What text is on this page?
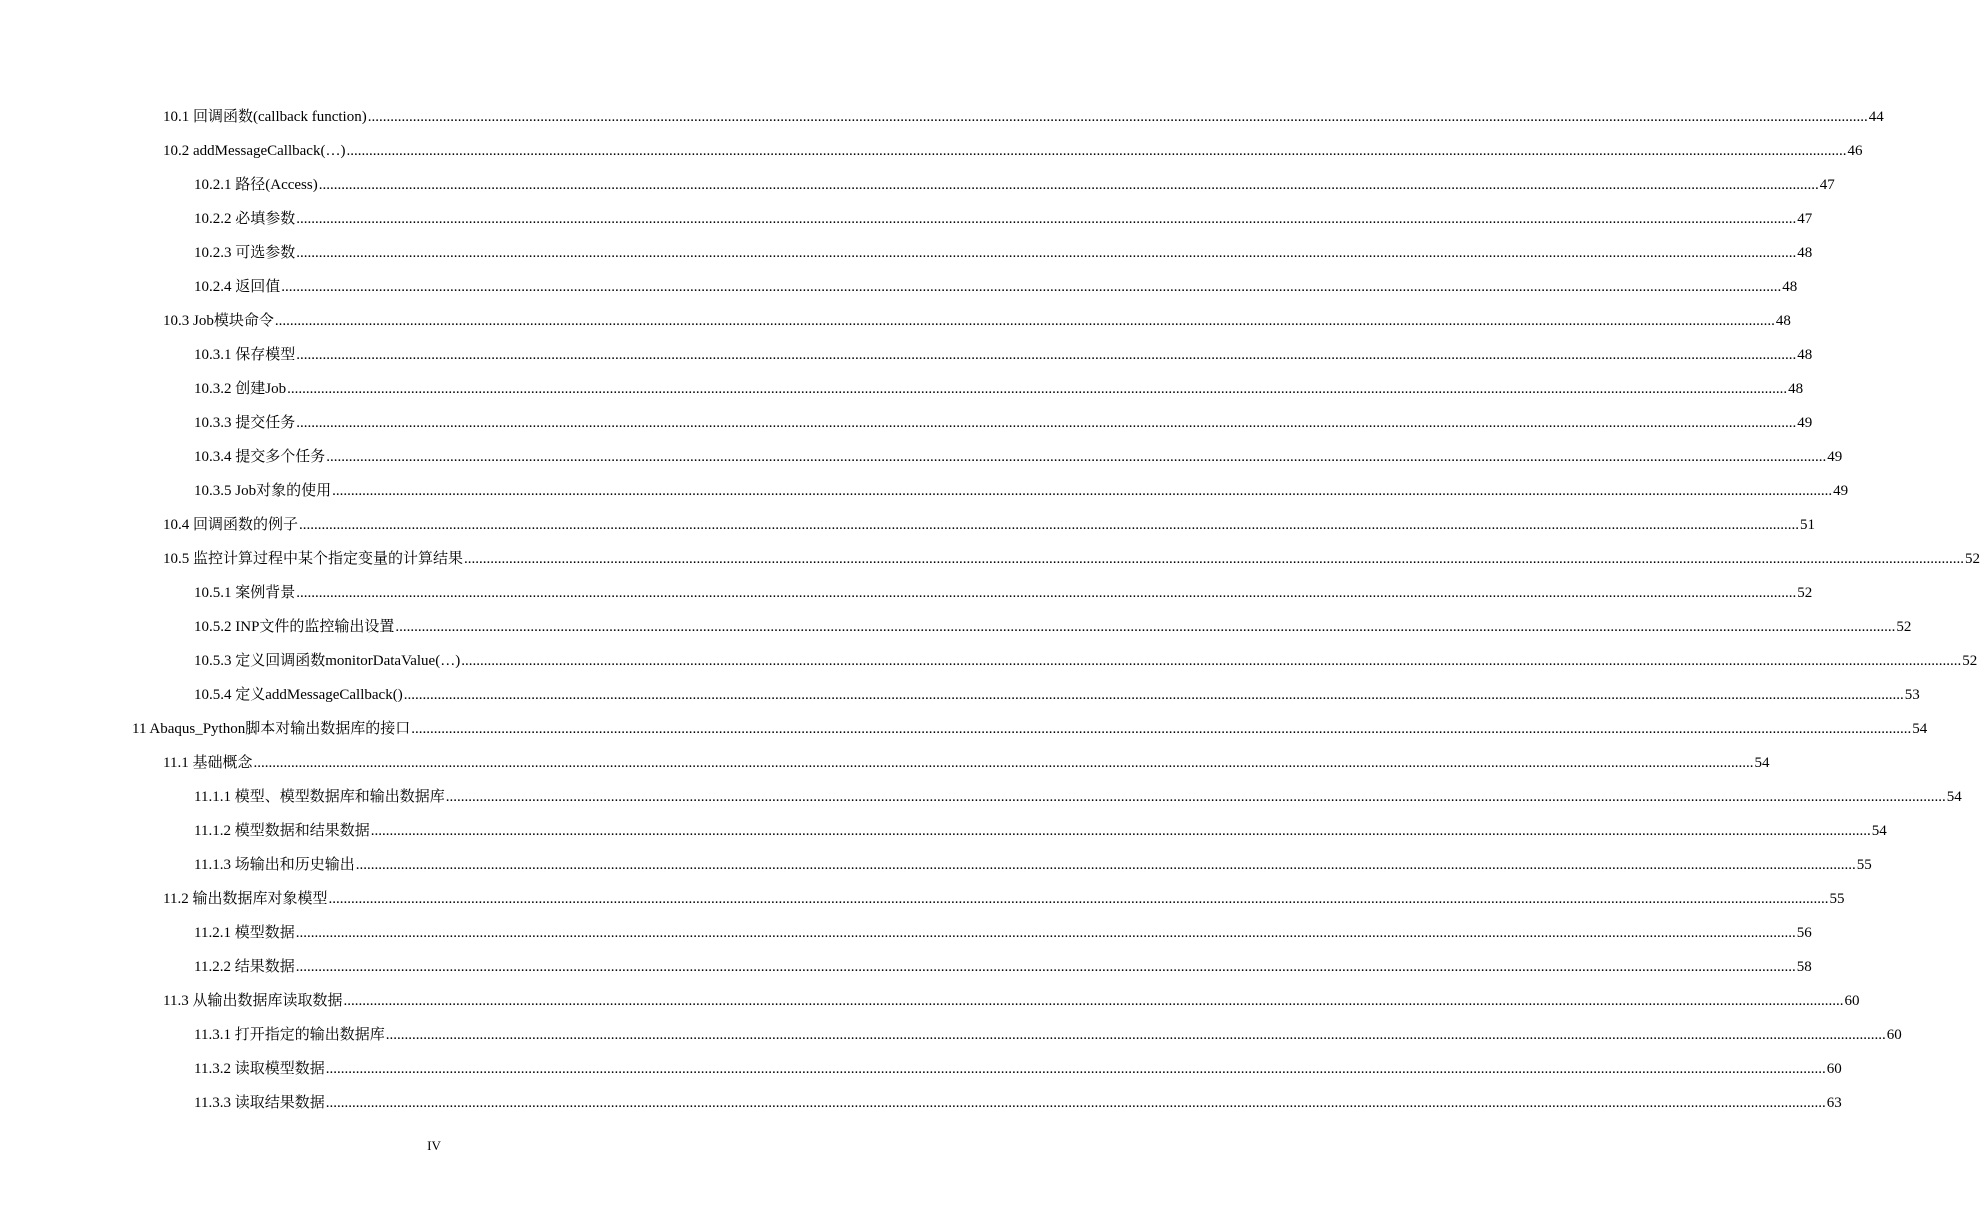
10.1 回调函数(callback function) ................................................................................................................................................................................................................................................................................................................................................................................................................ 44
10.2 addMessageCallback(…) ................................................................................................................................................................................................................................................................................................................................................................................................................ 46
10.2.1 路径(Access) ................................................................................................................................................................................................................................................................................................................................................................................................................ 47
10.2.2 必填参数 ................................................................................................................................................................................................................................................................................................................................................................................................................ 47
10.2.3 可选参数 ................................................................................................................................................................................................................................................................................................................................................................................................................ 48
10.2.4 返回值 ................................................................................................................................................................................................................................................................................................................................................................................................................ 48
10.3 Job模块命令 ................................................................................................................................................................................................................................................................................................................................................................................................................ 48
10.3.1 保存模型 ................................................................................................................................................................................................................................................................................................................................................................................................................ 48
10.3.2 创建Job ................................................................................................................................................................................................................................................................................................................................................................................................................ 48
10.3.3 提交任务 ................................................................................................................................................................................................................................................................................................................................................................................................................ 49
10.3.4 提交多个任务 ................................................................................................................................................................................................................................................................................................................................................................................................................ 49
10.3.5 Job对象的使用 ................................................................................................................................................................................................................................................................................................................................................................................................................ 49
10.4 回调函数的例子 ................................................................................................................................................................................................................................................................................................................................................................................................................ 51
10.5 监控计算过程中某个指定变量的计算结果 ................................................................................................................................................................................................................................................................................................................................................................................................................ 52
10.5.1 案例背景 ................................................................................................................................................................................................................................................................................................................................................................................................................ 52
10.5.2 INP文件的监控输出设置 ................................................................................................................................................................................................................................................................................................................................................................................................................ 52
10.5.3 定义回调函数monitorDataValue(…) ................................................................................................................................................................................................................................................................................................................................................................................................................ 52
10.5.4 定义addMessageCallback() ................................................................................................................................................................................................................................................................................................................................................................................................................ 53
11 Abaqus_Python脚本对输出数据库的接口 ................................................................................................................................................................................................................................................................................................................................................................................................................ 54
11.1 基础概念 ................................................................................................................................................................................................................................................................................................................................................................................................................ 54
11.1.1 模型、模型数据库和输出数据库 ................................................................................................................................................................................................................................................................................................................................................................................................................ 54
11.1.2 模型数据和结果数据 ................................................................................................................................................................................................................................................................................................................................................................................................................ 54
11.1.3 场输出和历史输出 ................................................................................................................................................................................................................................................................................................................................................................................................................ 55
11.2 输出数据库对象模型 ................................................................................................................................................................................................................................................................................................................................................................................................................ 55
11.2.1 模型数据 ................................................................................................................................................................................................................................................................................................................................................................................................................ 56
11.2.2 结果数据 ................................................................................................................................................................................................................................................................................................................................................................................................................ 58
11.3 从输出数据库读取数据 ................................................................................................................................................................................................................................................................................................................................................................................................................ 60
11.3.1 打开指定的输出数据库 ................................................................................................................................................................................................................................................................................................................................................................................................................ 60
11.3.2 读取模型数据 ................................................................................................................................................................................................................................................................................................................................................................................................................ 60
11.3.3 读取结果数据 ................................................................................................................................................................................................................................................................................................................................................................................................................ 63
IV
